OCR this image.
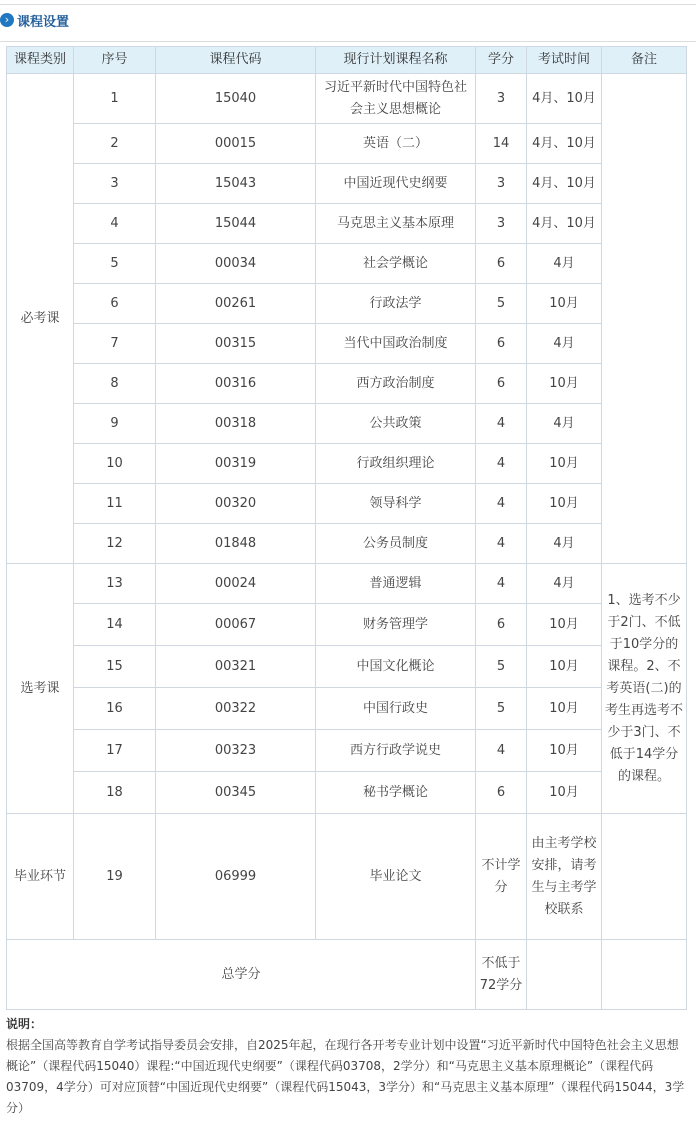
› 课程设置
课程类别	序号	课程代码	现行计划课程名称	学分	考试时间	备注
必考课	1	15040	习近平新时代中国特色社会主义思想概论	3	4月、10月	
	2	00015	英语（二）	14	4月、10月	
	3	15043	中国近现代史纲要	3	4月、10月	
	4	15044	马克思主义基本原理	3	4月、10月	
	5	00034	社会学概论	6	4月	
	6	00261	行政法学	5	10月	
	7	00315	当代中国政治制度	6	4月	
	8	00316	西方政治制度	6	10月	
	9	00318	公共政策	4	4月	
	10	00319	行政组织理论	4	10月	
	11	00320	领导科学	4	10月	
	12	01848	公务员制度	4	4月	
选考课	13	00024	普通逻辑	4	4月	1、选考不少于2门、不低于10学分的课程。2、不考英语(二)的考生再选考不少于3门、不低于14学分的课程。
	14	00067	财务管理学	6	10月	
	15	00321	中国文化概论	5	10月	
	16	00322	中国行政史	5	10月	
	17	00323	西方行政学说史	4	10月	
	18	00345	秘书学概论	6	10月	
毕业环节	19	06999	毕业论文	不计学分	由主考学校安排，请考生与主考学校联系	
总学分				不低于72学分		
说明：
根据全国高等教育自学考试指导委员会安排，自2025年起，在现行各开考专业计划中设置“习近平新时代中国特色社会主义思想概论”（课程代码15040）课程:“中国近现代史纲要”（课程代码03708，2学分）和“马克思主义基本原理概论”（课程代码03709，4学分）可对应顶替“中国近现代史纲要”（课程代码15043，3学分）和“马克思主义基本原理”（课程代码15044，3学分）
